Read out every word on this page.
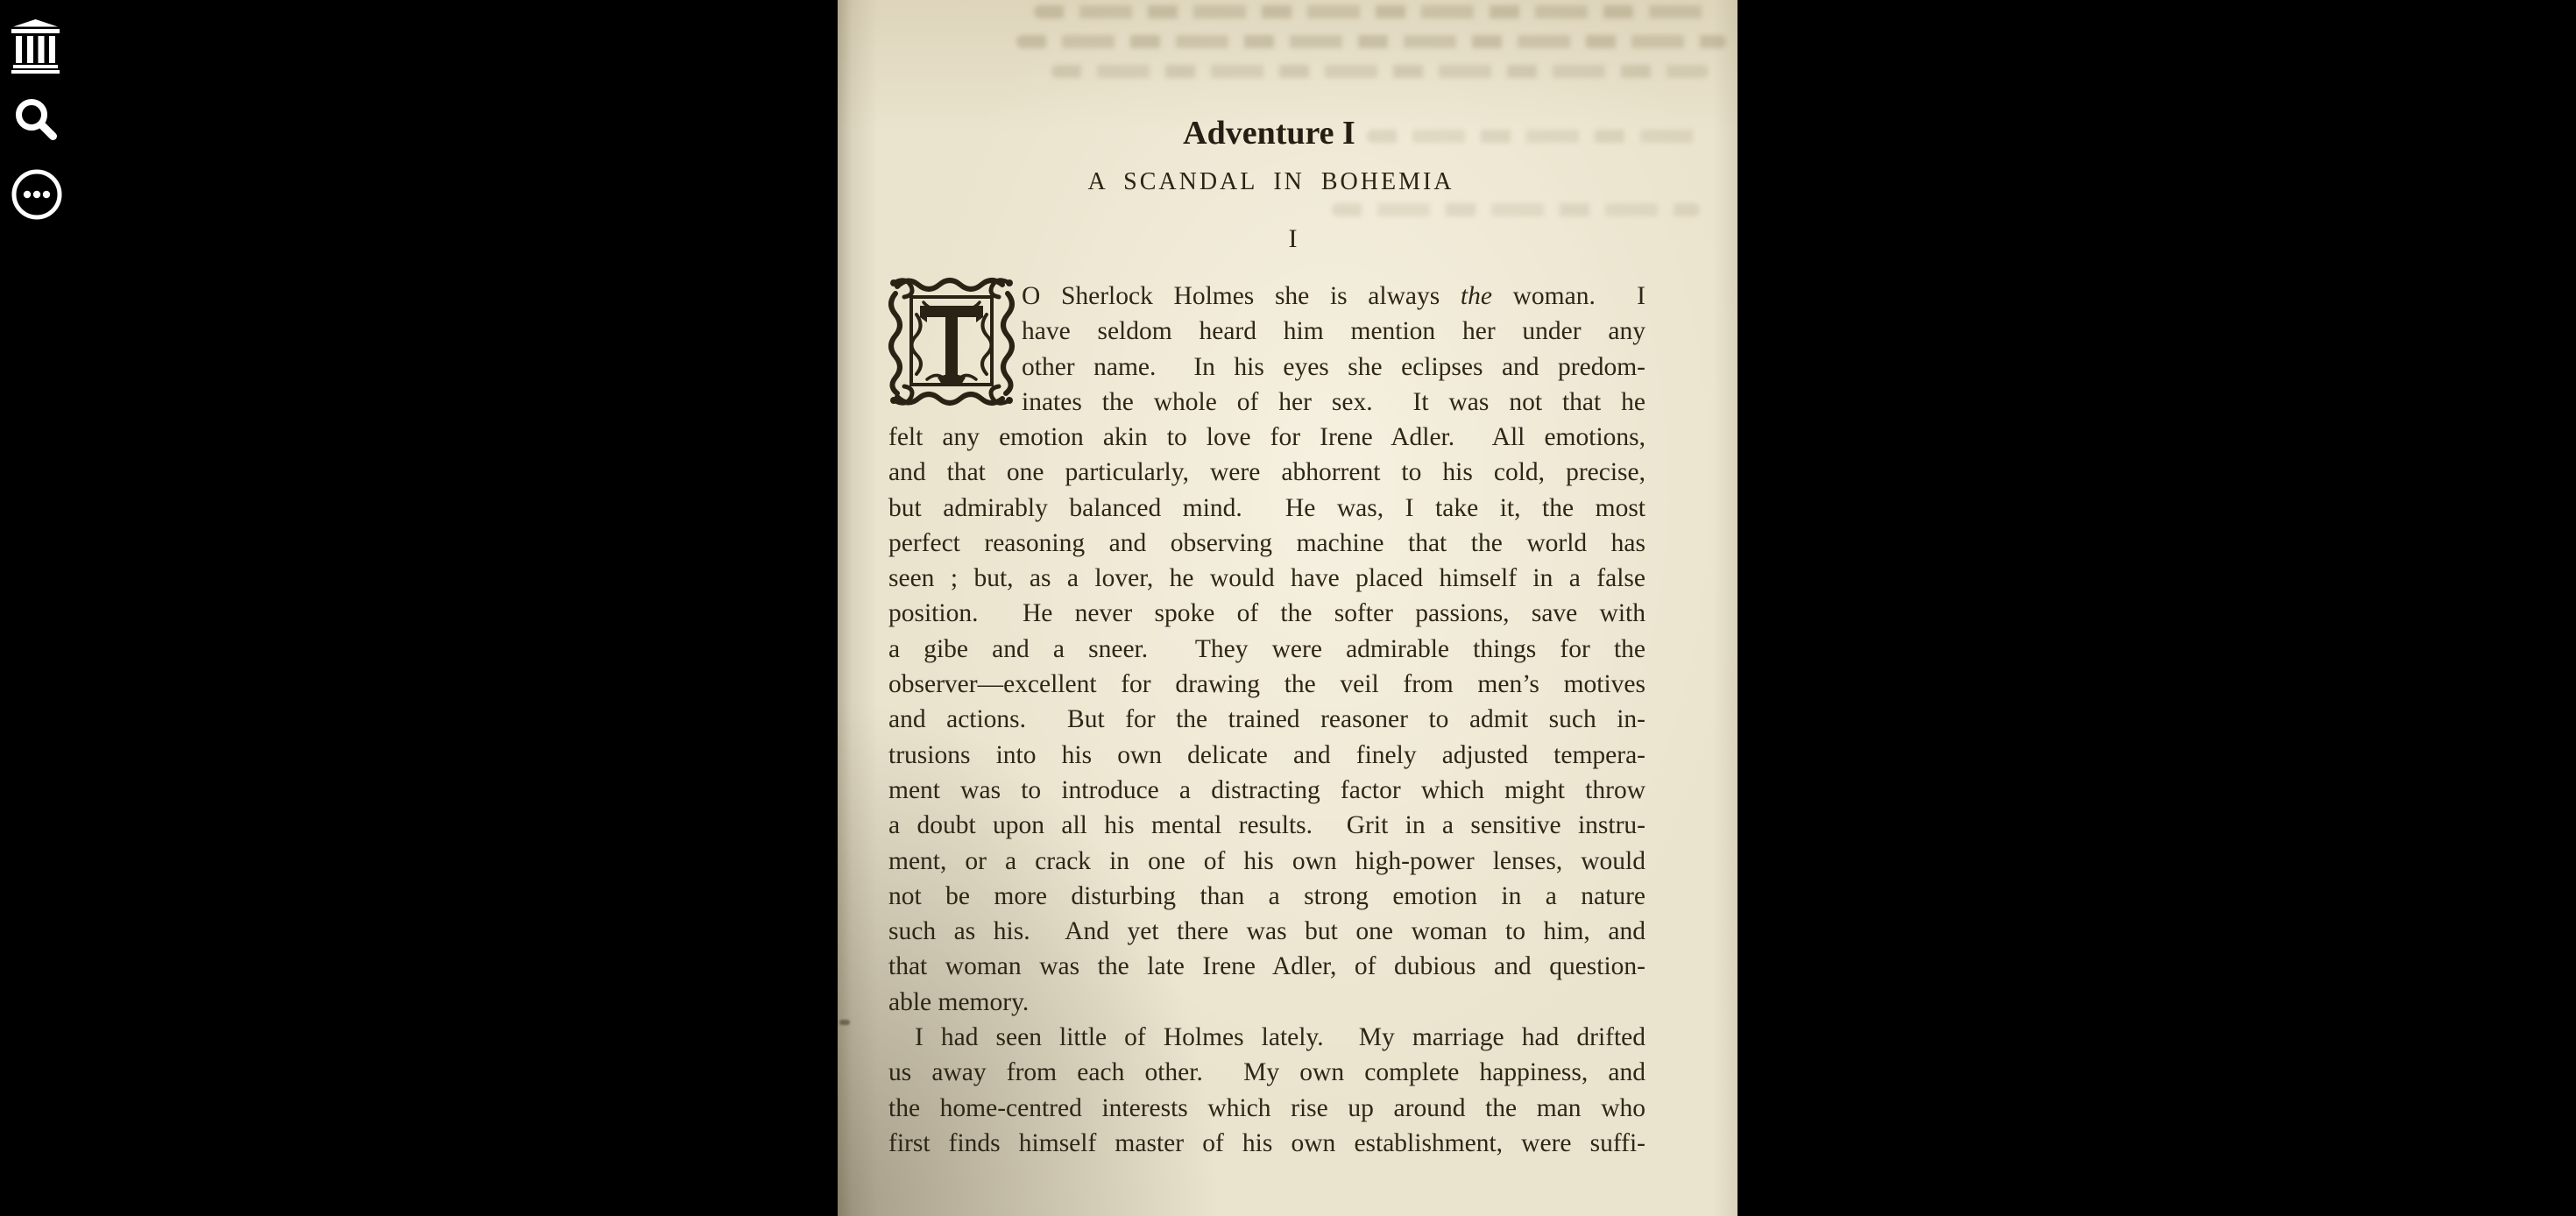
Adventure I
A SCANDAL IN BOHEMIA
I
O Sherlock Holmes she is always the woman.  I
have seldom heard him mention her under any
other name.  In his eyes she eclipses and predom-
inates the whole of her sex.  It was not that he
felt any emotion akin to love for Irene Adler.  All emotions,
and that one particularly, were abhorrent to his cold, precise,
but admirably balanced mind.  He was, I take it, the most
perfect reasoning and observing machine that the world has
seen ; but, as a lover, he would have placed himself in a false
position.  He never spoke of the softer passions, save with
a gibe and a sneer.  They were admirable things for the
observer—excellent for drawing the veil from men’s motives
and actions.  But for the trained reasoner to admit such in-
trusions into his own delicate and finely adjusted tempera-
ment was to introduce a distracting factor which might throw
a doubt upon all his mental results.  Grit in a sensitive instru-
ment, or a crack in one of his own high-power lenses, would
not be more disturbing than a strong emotion in a nature
such as his.  And yet there was but one woman to him, and
that woman was the late Irene Adler, of dubious and question-
able memory.
I had seen little of Holmes lately.  My marriage had drifted
us away from each other.  My own complete happiness, and
the home-centred interests which rise up around the man who
first finds himself master of his own establishment, were suffi-
